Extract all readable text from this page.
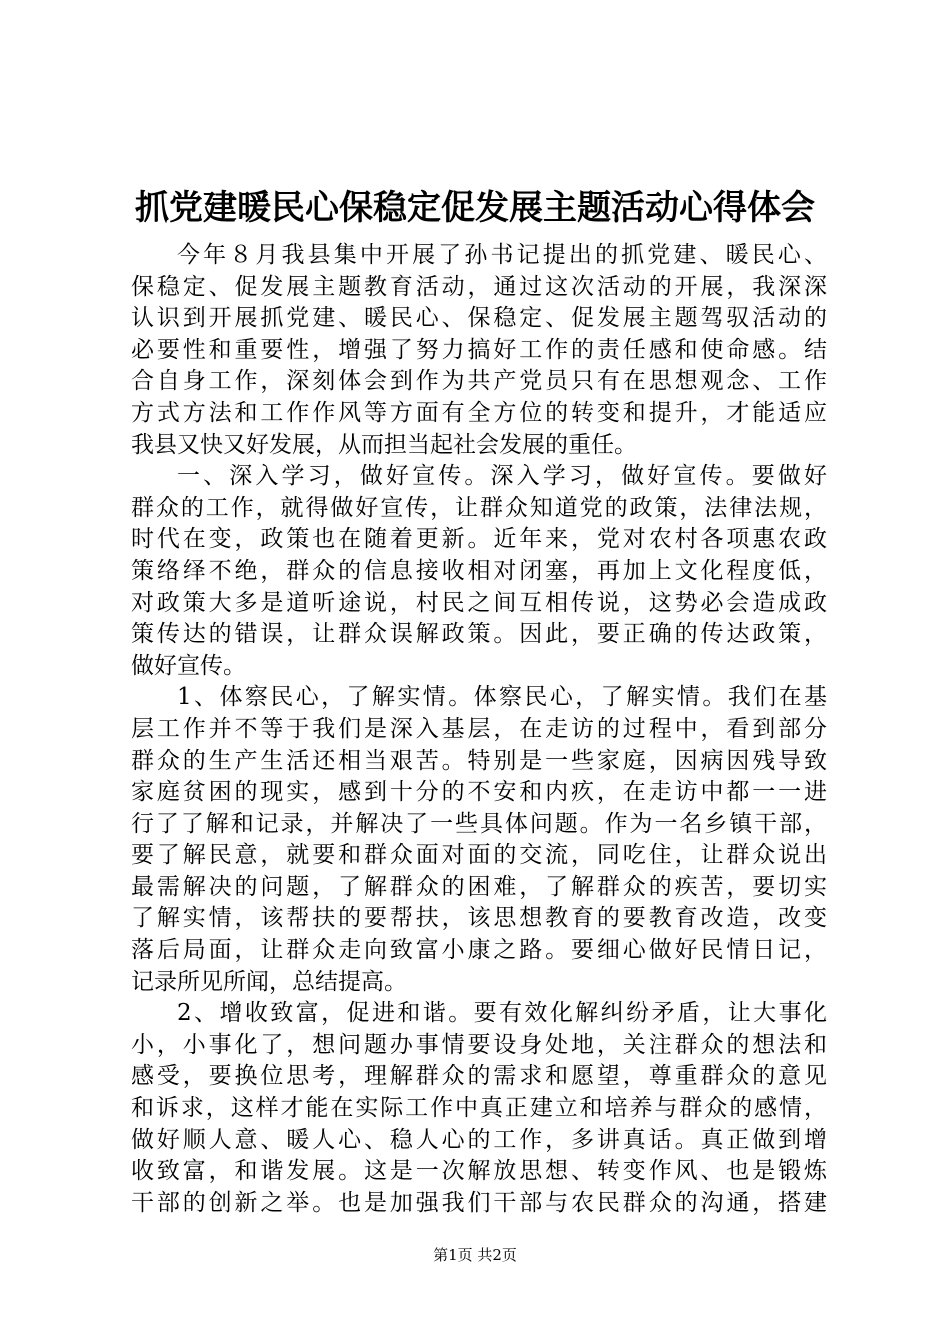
抓党建暖民心保稳定促发展主题活动心得体会

今年８月我县集中开展了孙书记提出的抓党建、暖民心、
保稳定、促发展主题教育活动，通过这次活动的开展，我深深
认识到开展抓党建、暖民心、保稳定、促发展主题驾驭活动的
必要性和重要性，增强了努力搞好工作的责任感和使命感。结
合自身工作，深刻体会到作为共产党员只有在思想观念、工作
方式方法和工作作风等方面有全方位的转变和提升，才能适应
我县又快又好发展，从而担当起社会发展的重任。

一、深入学习，做好宣传。深入学习，做好宣传。要做好
群众的工作，就得做好宣传，让群众知道党的政策，法律法规，
时代在变，政策也在随着更新。近年来，党对农村各项惠农政
策络绎不绝，群众的信息接收相对闭塞，再加上文化程度低，
对政策大多是道听途说，村民之间互相传说，这势必会造成政
策传达的错误，让群众误解政策。因此，要正确的传达政策，
做好宣传。

1、体察民心，了解实情。体察民心，了解实情。我们在基
层工作并不等于我们是深入基层，在走访的过程中，看到部分
群众的生产生活还相当艰苦。特别是一些家庭，因病因残导致
家庭贫困的现实，感到十分的不安和内疚，在走访中都一一进
行了了解和记录，并解决了一些具体问题。作为一名乡镇干部，
要了解民意，就要和群众面对面的交流，同吃住，让群众说出
最需解决的问题，了解群众的困难，了解群众的疾苦，要切实
了解实情，该帮扶的要帮扶，该思想教育的要教育改造，改变
落后局面，让群众走向致富小康之路。要细心做好民情日记，
记录所见所闻，总结提高。

2、增收致富，促进和谐。要有效化解纠纷矛盾，让大事化
小，小事化了，想问题办事情要设身处地，关注群众的想法和
感受，要换位思考，理解群众的需求和愿望，尊重群众的意见
和诉求，这样才能在实际工作中真正建立和培养与群众的感情，
做好顺人意、暖人心、稳人心的工作，多讲真话。真正做到增
收致富，和谐发展。这是一次解放思想、转变作风、也是锻炼
干部的创新之举。也是加强我们干部与农民群众的沟通，搭建

第1页 共2页
